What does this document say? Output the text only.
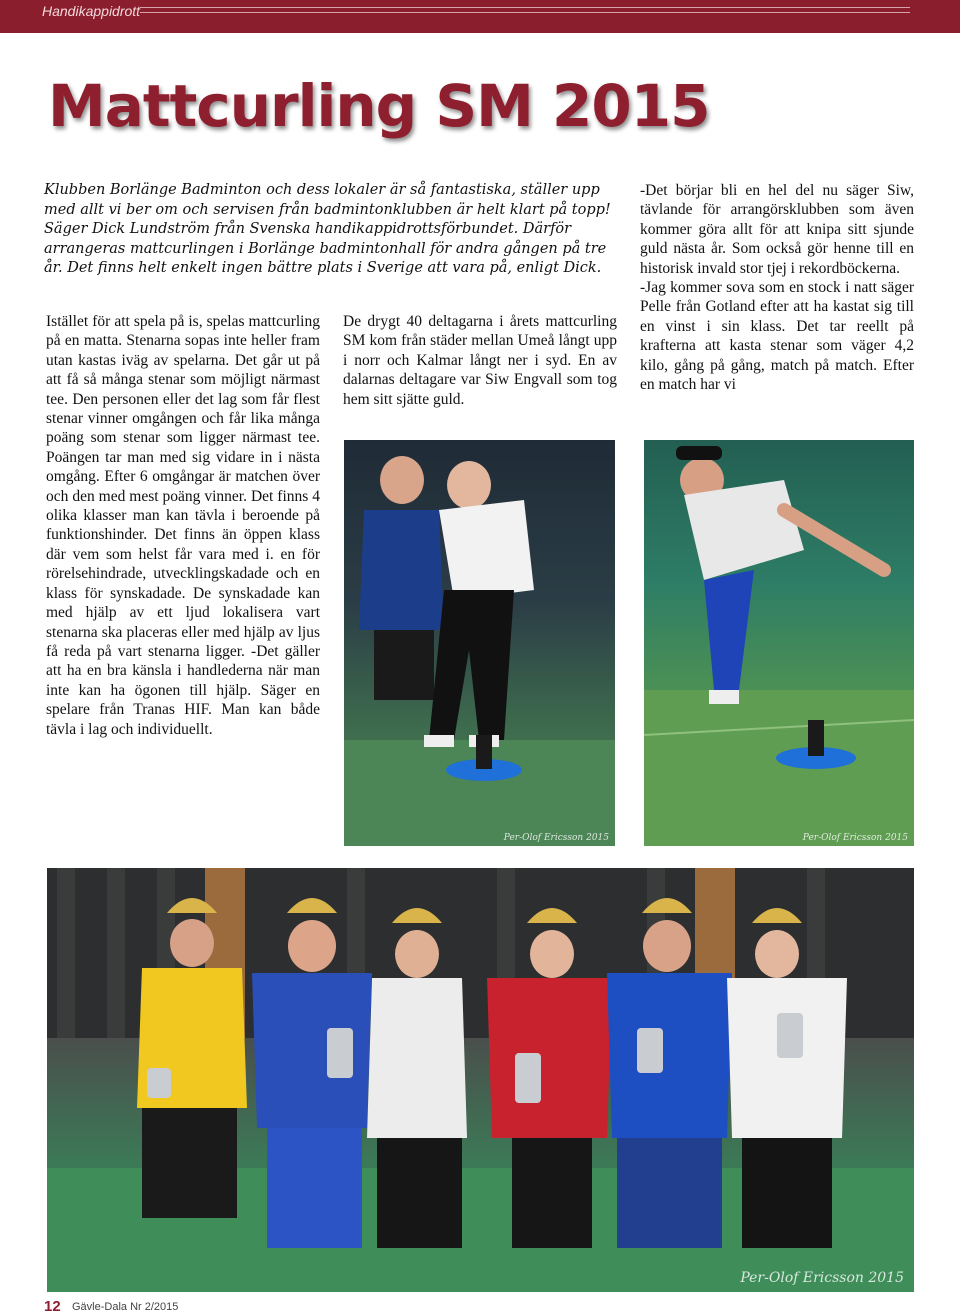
Handikappidrott
Mattcurling SM 2015

Klubben Borlänge Badminton och dess lokaler är så fantastiska, ställer upp med allt vi ber om och servisen från badmintonklubben är helt klart på topp! Säger Dick Lundström från Svenska handikappidrottsförbundet. Därför arrangeras mattcurlingen i Borlänge badmintonhall för andra gången på tre år. Det finns helt enkelt ingen bättre plats i Sverige att vara på, enligt Dick.

Istället för att spela på is, spelas mattcurling på en matta. Stenarna sopas inte heller fram utan kastas iväg av spelarna. Det går ut på att få så många stenar som möjligt närmast tee. Den personen eller det lag som får flest stenar vinner omgången och får lika många poäng som stenar som ligger närmast tee. Poängen tar man med sig vidare in i nästa omgång. Efter 6 omgångar är matchen över och den med mest poäng vinner. Det finns 4 olika klasser man kan tävla i beroende på funktionshinder. Det finns än öppen klass där vem som helst får vara med i. en för rörelsehindrade, utvecklingskadade och en klass för synskadade. De synskadade kan med hjälp av ett ljud lokalisera vart stenarna ska placeras eller med hjälp av ljus få reda på vart stenarna ligger. -Det gäller att ha en bra känsla i handlederna när man inte kan ha ögonen till hjälp. Säger en spelare från Tranas HIF. Man kan både tävla i lag och individuellt.

De drygt 40 deltagarna i årets mattcurling SM kom från städer mellan Umeå långt upp i norr och Kalmar långt ner i syd. En av dalarnas deltagare var Siw Engvall som tog hem sitt sjätte guld.

-Det börjar bli en hel del nu säger Siw, tävlande för arrangörsklubben som även kommer göra allt för att knipa sitt sjunde guld nästa år. Som också gör henne till en historisk invald stor tjej i rekordböckerna.

-Jag kommer sova som en stock i natt säger Pelle från Gotland efter att ha kastat sig till en vinst i sin klass. Det tar reellt på krafterna att kasta stenar som väger 4,2 kilo, gång på gång, match på match. Efter en match har vi

Per-Olof Ericsson 2015	Per-Olof Ericsson 2015
Per-Olof Ericsson 2015
12 Gävle-Dala Nr 2/2015
